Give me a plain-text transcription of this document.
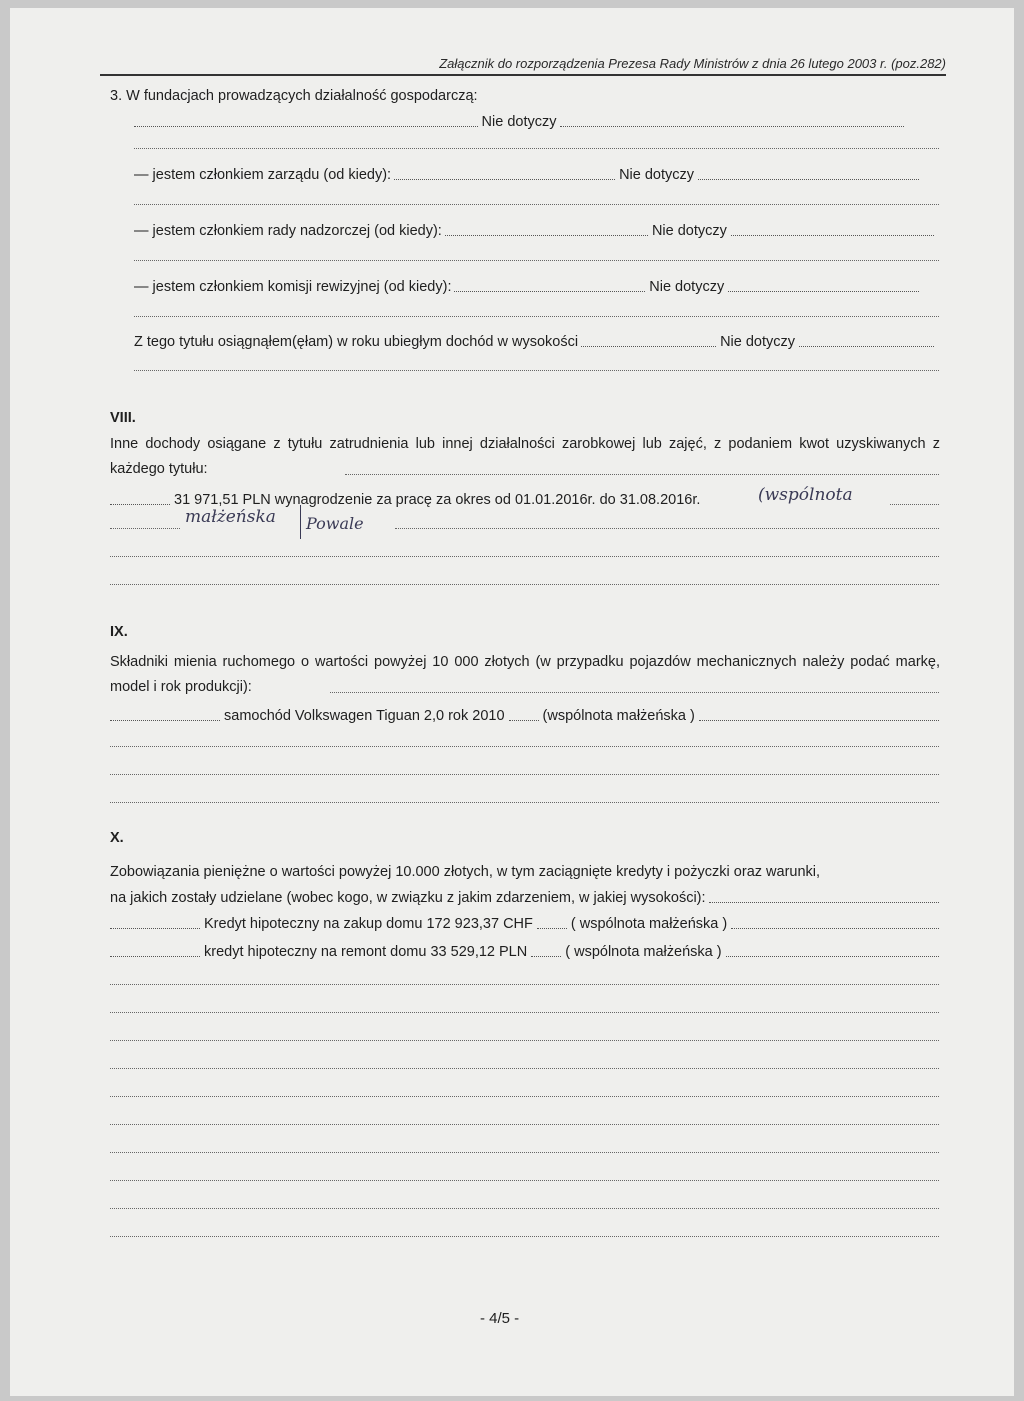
Załącznik do rozporządzenia Prezesa Rady Ministrów z dnia 26 lutego 2003 r. (poz.282)
3. W fundacjach prowadzących działalność gospodarczą:
Nie dotyczy
— jestem członkiem zarządu (od kiedy):	Nie dotyczy
— jestem członkiem rady nadzorczej (od kiedy):	Nie dotyczy
— jestem członkiem komisji rewizyjnej (od kiedy):	Nie dotyczy
Z tego tytułu osiągnąłem(ęłam) w roku ubiegłym dochód w wysokości	Nie dotyczy
VIII.
Inne dochody osiągane z tytułu zatrudnienia lub innej działalności zarobkowej lub zajęć, z podaniem kwot uzyskiwanych z każdego tytułu:
31 971,51 PLN wynagrodzenie za pracę za okres od 01.01.2016r. do 31.08.2016r.	(wspólnota
małżeńska Powale
IX.
Składniki mienia ruchomego o wartości powyżej 10 000 złotych (w przypadku pojazdów mechanicznych należy podać markę, model i rok produkcji):
samochód Volkswagen Tiguan 2,0 rok 2010	(wspólnota małżeńska )
X.
Zobowiązania pieniężne o wartości powyżej 10.000 złotych, w tym zaciągnięte kredyty i pożyczki oraz warunki,
na jakich zostały udzielane (wobec kogo, w związku z jakim zdarzeniem, w jakiej wysokości):
Kredyt hipoteczny na zakup domu 172 923,37 CHF	( wspólnota małżeńska )
kredyt hipoteczny na remont domu 33 529,12 PLN	( wspólnota małżeńska )
- 4/5 -
